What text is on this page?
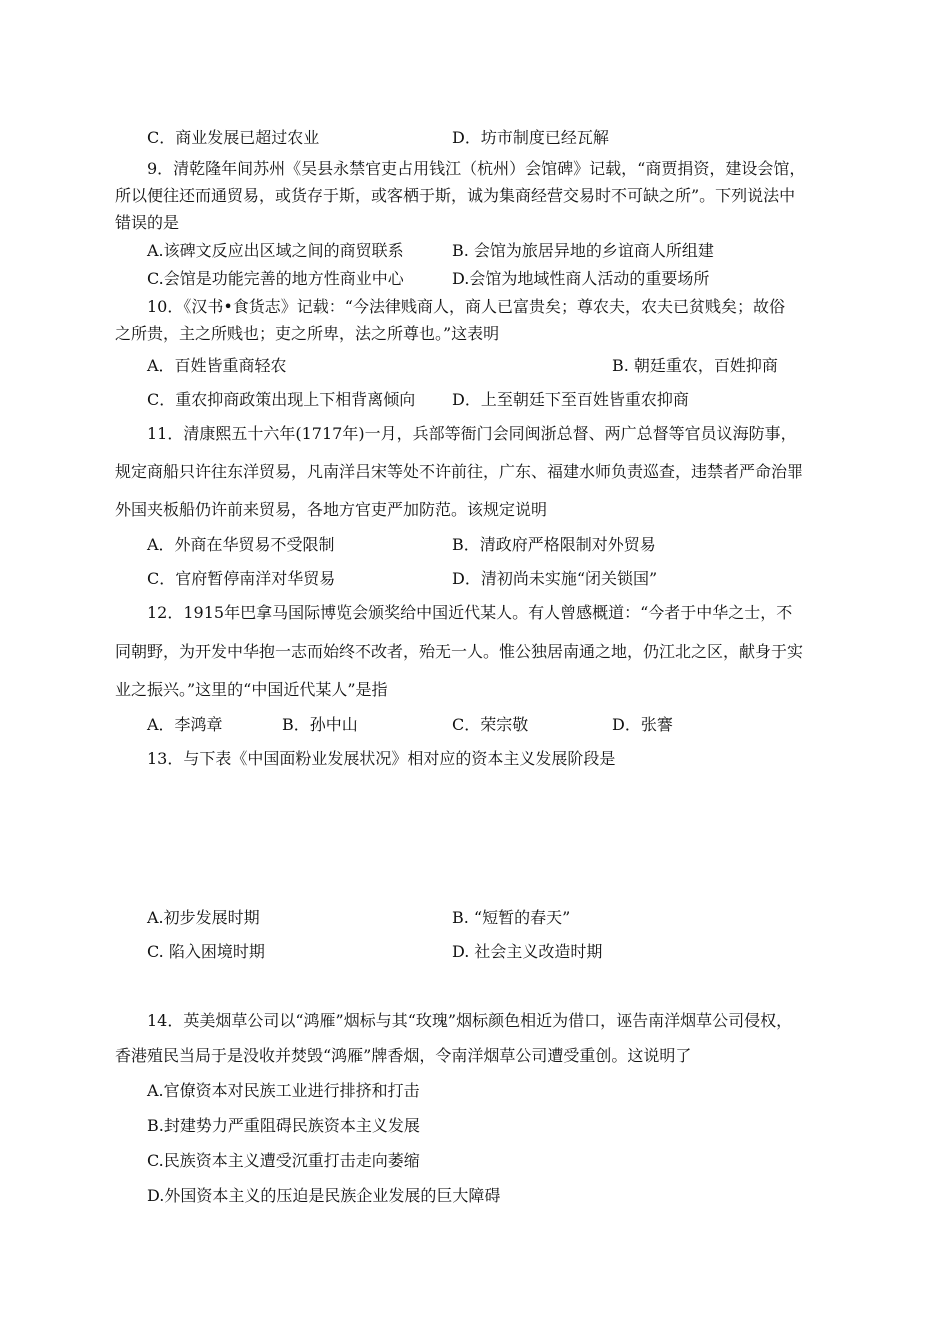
C．商业发展已超过农业	D．坊市制度已经瓦解
9．清乾隆年间苏州《吴县永禁官吏占用钱江（杭州）会馆碑》记载，“商贾捐资，建设会馆，
所以便往还而通贸易，或货存于斯，或客栖于斯，诚为集商经营交易时不可缺之所”。下列说法中
错误的是
A.该碑文反应出区域之间的商贸联系	B. 会馆为旅居异地的乡谊商人所组建
C.会馆是功能完善的地方性商业中心	D.会馆为地域性商人活动的重要场所
10．《汉书•食货志》记载：“今法律贱商人，商人已富贵矣；尊农夫，农夫已贫贱矣；故俗
之所贵，主之所贱也；吏之所卑，法之所尊也。”这表明
A．百姓皆重商轻农	B. 朝廷重农，百姓抑商
C．重农抑商政策出现上下相背离倾向 D．上至朝廷下至百姓皆重农抑商
11．清康熙五十六年(1717年)一月，兵部等衙门会同闽浙总督、两广总督等官员议海防事，
规定商船只许往东洋贸易，凡南洋吕宋等处不许前往，广东、福建水师负责巡查，违禁者严命治罪
外国夹板船仍许前来贸易，各地方官吏严加防范。该规定说明
A．外商在华贸易不受限制	B．清政府严格限制对外贸易
C．官府暂停南洋对华贸易	D．清初尚未实施“闭关锁国”
12．1915年巴拿马国际博览会颁奖给中国近代某人。有人曾感概道：“今者于中华之士，不
同朝野，为开发中华抱一志而始终不改者，殆无一人。惟公独居南通之地，仍江北之区，献身于实
业之振兴。”这里的“中国近代某人”是指
A．李鸿章	B．孙中山	C．荣宗敬	D．张謇
13．与下表《中国面粉业发展状况》相对应的资本主义发展阶段是
A.初步发展时期	B. “短暂的春天”
C. 陷入困境时期	D. 社会主义改造时期
14．英美烟草公司以“鸿雁”烟标与其“玫瑰”烟标颜色相近为借口，诬告南洋烟草公司侵权，
香港殖民当局于是没收并焚毁“鸿雁”牌香烟，令南洋烟草公司遭受重创。这说明了
A.官僚资本对民族工业进行排挤和打击
B.封建势力严重阻碍民族资本主义发展
C.民族资本主义遭受沉重打击走向萎缩
D.外国资本主义的压迫是民族企业发展的巨大障碍
